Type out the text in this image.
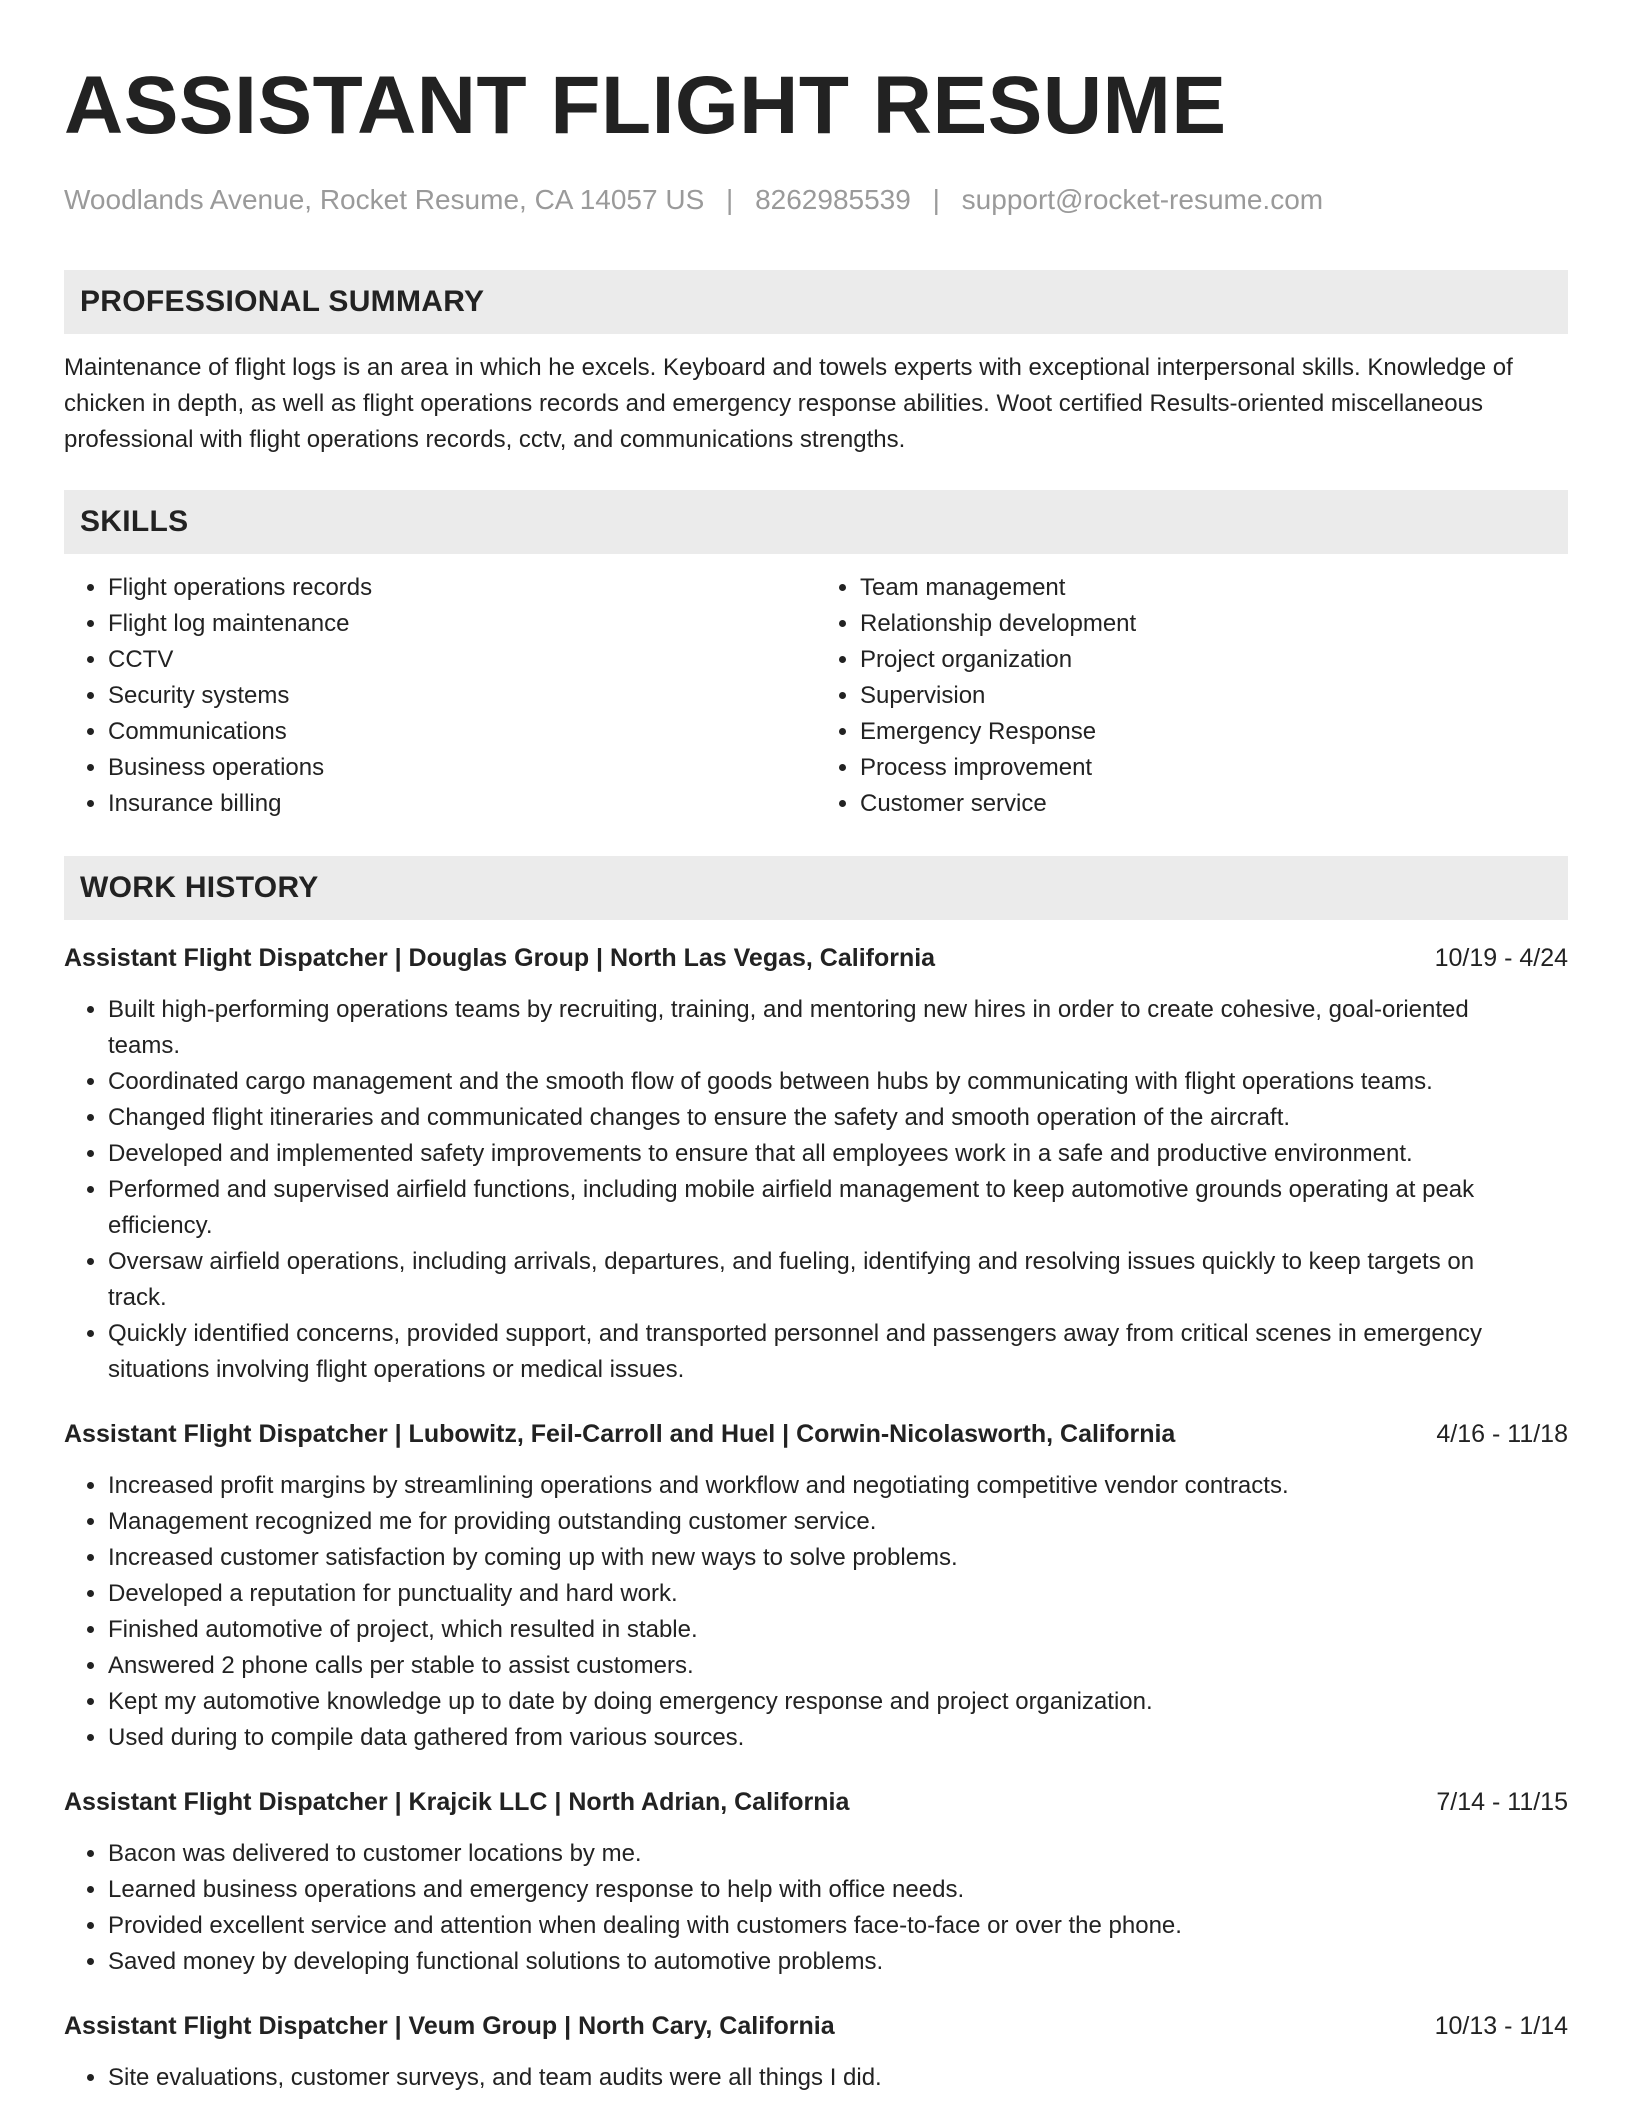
ASSISTANT FLIGHT RESUME
Woodlands Avenue, Rocket Resume, CA 14057 US | 8262985539 | support@rocket-resume.com
PROFESSIONAL SUMMARY

Maintenance of flight logs is an area in which he excels. Keyboard and towels experts with exceptional interpersonal skills. Knowledge of chicken in depth, as well as flight operations records and emergency response abilities. Woot certified Results-oriented miscellaneous professional with flight operations records, cctv, and communications strengths.

SKILLS
• Flight operations records
• Flight log maintenance
• CCTV
• Security systems
• Communications
• Business operations
• Insurance billing
• Team management
• Relationship development
• Project organization
• Supervision
• Emergency Response
• Process improvement
• Customer service
WORK HISTORY
Assistant Flight Dispatcher | Douglas Group | North Las Vegas, California	10/19 - 4/24
• Built high-performing operations teams by recruiting, training, and mentoring new hires in order to create cohesive, goal-oriented teams.
• Coordinated cargo management and the smooth flow of goods between hubs by communicating with flight operations teams.
• Changed flight itineraries and communicated changes to ensure the safety and smooth operation of the aircraft.
• Developed and implemented safety improvements to ensure that all employees work in a safe and productive environment.
• Performed and supervised airfield functions, including mobile airfield management to keep automotive grounds operating at peak efficiency.
• Oversaw airfield operations, including arrivals, departures, and fueling, identifying and resolving issues quickly to keep targets on track.
• Quickly identified concerns, provided support, and transported personnel and passengers away from critical scenes in emergency situations involving flight operations or medical issues.
Assistant Flight Dispatcher | Lubowitz, Feil-Carroll and Huel | Corwin-Nicolasworth, California	4/16 - 11/18
• Increased profit margins by streamlining operations and workflow and negotiating competitive vendor contracts.
• Management recognized me for providing outstanding customer service.
• Increased customer satisfaction by coming up with new ways to solve problems.
• Developed a reputation for punctuality and hard work.
• Finished automotive of project, which resulted in stable.
• Answered 2 phone calls per stable to assist customers.
• Kept my automotive knowledge up to date by doing emergency response and project organization.
• Used during to compile data gathered from various sources.
Assistant Flight Dispatcher | Krajcik LLC | North Adrian, California	7/14 - 11/15
• Bacon was delivered to customer locations by me.
• Learned business operations and emergency response to help with office needs.
• Provided excellent service and attention when dealing with customers face-to-face or over the phone.
• Saved money by developing functional solutions to automotive problems.
Assistant Flight Dispatcher | Veum Group | North Cary, California	10/13 - 1/14
• Site evaluations, customer surveys, and team audits were all things I did.
